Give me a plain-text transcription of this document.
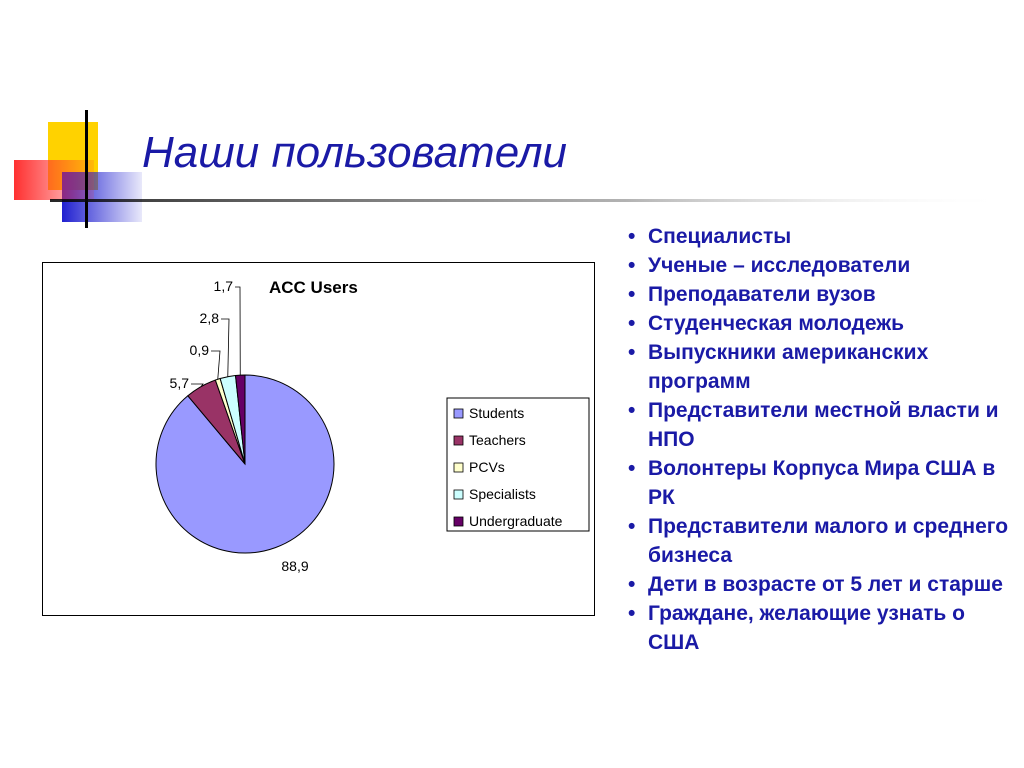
Наши пользователи
ACC Users
88,9
5,7
0,9
2,8
1,7
Students
Teachers
PCVs
Specialists
Undergraduate
• Специалисты
• Ученые – исследователи
• Преподаватели вузов
• Студенческая молодежь
• Выпускники американских программ
• Представители местной власти и НПО
• Волонтеры Корпуса Мира США в РК
• Представители малого и среднего бизнеса
• Дети в возрасте от 5 лет и старше
• Граждане, желающие узнать о США
